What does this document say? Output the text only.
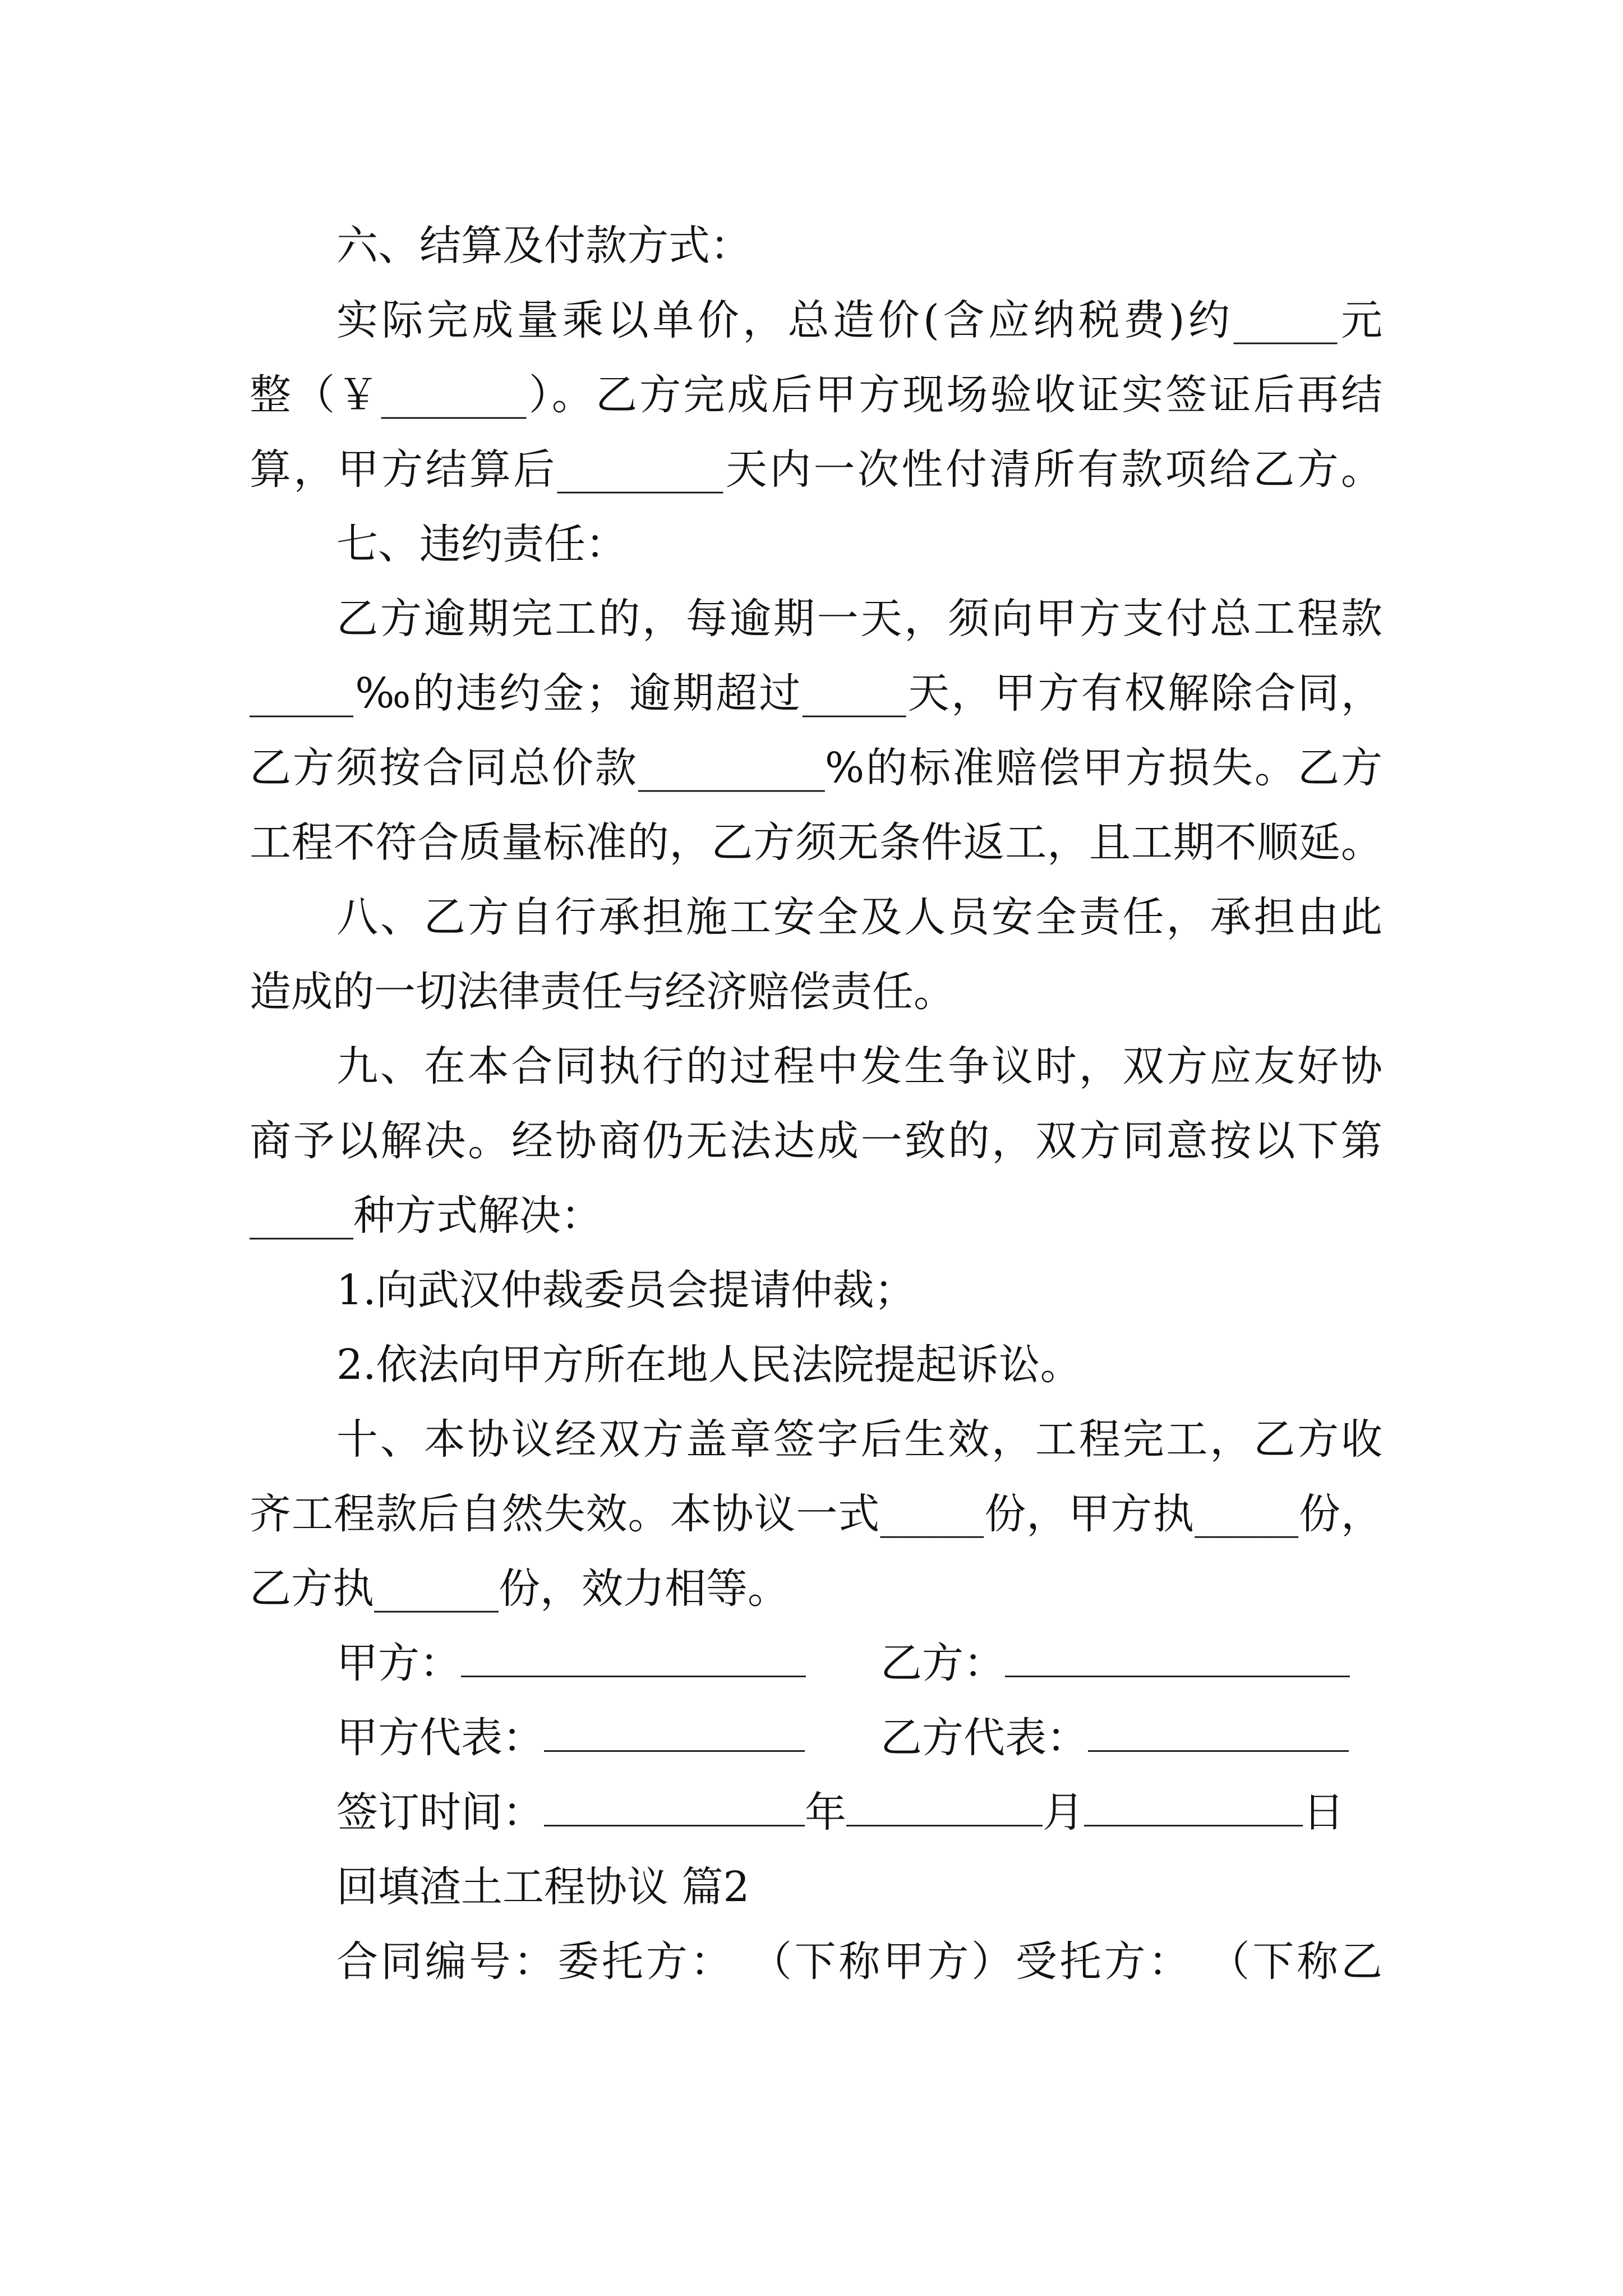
六、结算及付款方式：
实际完成量乘以单价，总造价(含应纳税费)约_____元
整（￥_______）。乙方完成后甲方现场验收证实签证后再结
算，甲方结算后________天内一次性付清所有款项给乙方。
七、违约责任：
乙方逾期完工的，每逾期一天，须向甲方支付总工程款
_____‰的违约金；逾期超过_____天，甲方有权解除合同，
乙方须按合同总价款_________%的标准赔偿甲方损失。乙方
工程不符合质量标准的，乙方须无条件返工，且工期不顺延。
八、乙方自行承担施工安全及人员安全责任，承担由此
造成的一切法律责任与经济赔偿责任。
九、在本合同执行的过程中发生争议时，双方应友好协
商予以解决。经协商仍无法达成一致的，双方同意按以下第
_____种方式解决：
1.向武汉仲裁委员会提请仲裁；
2.依法向甲方所在地人民法院提起诉讼。
十、本协议经双方盖章签字后生效，工程完工，乙方收
齐工程款后自然失效。本协议一式_____份，甲方执_____份，
乙方执______份，效力相等。
甲方：	乙方：
甲方代表：	乙方代表：
签订时间：	年	月	日
回填渣土工程协议 篇2
合同编号：委托方： （下称甲方）受托方： （下称乙
